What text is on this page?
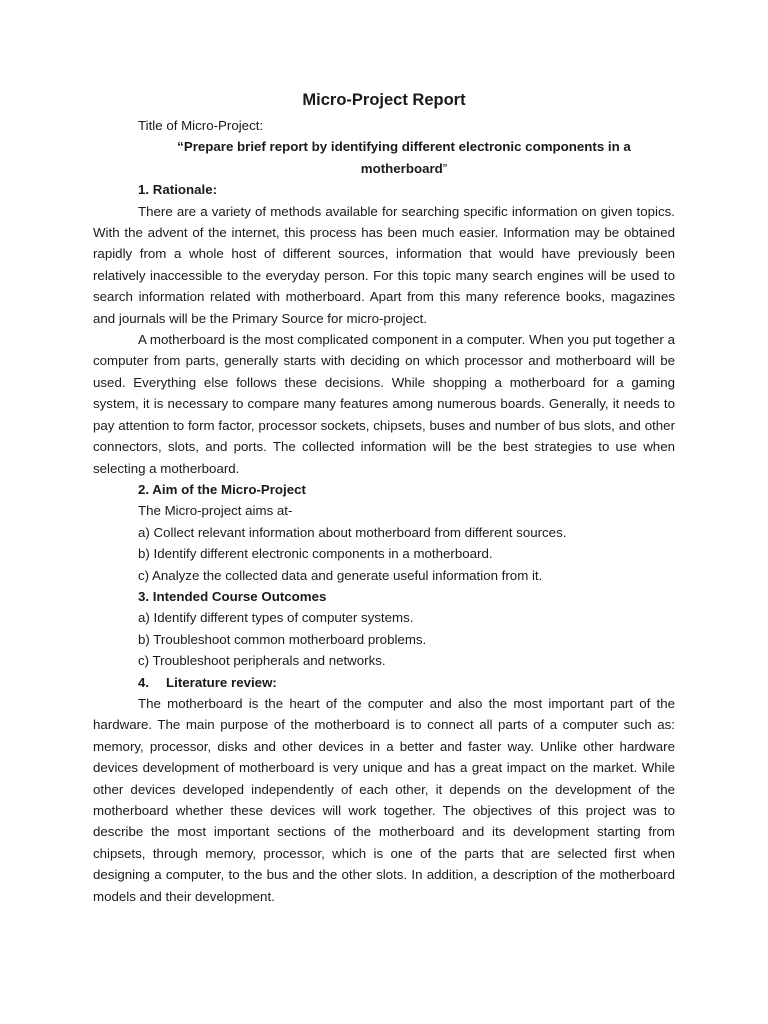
Micro-Project Report
Title of Micro-Project:
“Prepare brief report by identifying different electronic components in a
motherboard”
1. Rationale:

There are a variety of methods available for searching specific information on given topics. With the advent of the internet, this process has been much easier. Information may be obtained rapidly from a whole host of different sources, information that would have previously been relatively inaccessible to the everyday person. For this topic many search engines will be used to search information related with motherboard. Apart from this many reference books, magazines and journals will be the Primary Source for micro-project.

A motherboard is the most complicated component in a computer. When you put together a computer from parts, generally starts with deciding on which processor and motherboard will be used. Everything else follows these decisions. While shopping a motherboard for a gaming system, it is necessary to compare many features among numerous boards. Generally, it needs to pay attention to form factor, processor sockets, chipsets, buses and number of bus slots, and other connectors, slots, and ports. The collected information will be the best strategies to use when selecting a motherboard.

2. Aim of the Micro-Project
The Micro-project aims at-
a) Collect relevant information about motherboard from different sources.
b) Identify different electronic components in a motherboard.
c) Analyze the collected data and generate useful information from it.
3. Intended Course Outcomes
a) Identify different types of computer systems.
b) Troubleshoot common motherboard problems.
c) Troubleshoot peripherals and networks.
4. Literature review:

The motherboard is the heart of the computer and also the most important part of the hardware. The main purpose of the motherboard is to connect all parts of a computer such as: memory, processor, disks and other devices in a better and faster way. Unlike other hardware devices development of motherboard is very unique and has a great impact on the market. While other devices developed independently of each other, it depends on the development of the motherboard whether these devices will work together. The objectives of this project was to describe the most important sections of the motherboard and its development starting from chipsets, through memory, processor, which is one of the parts that are selected first when designing a computer, to the bus and the other slots. In addition, a description of the motherboard models and their development.
